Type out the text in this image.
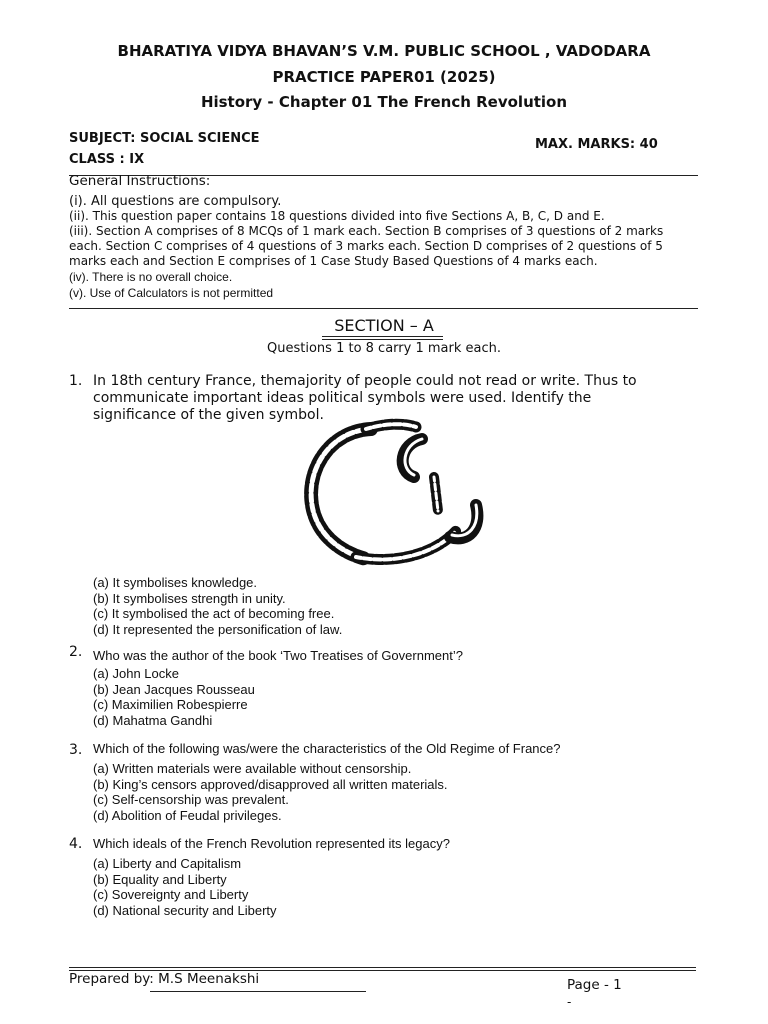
BHARATIYA VIDYA BHAVAN’S V.M. PUBLIC SCHOOL , VADODARA
PRACTICE PAPER01 (2025)
History - Chapter 01 The French Revolution
SUBJECT: SOCIAL SCIENCE	MAX. MARKS: 40
CLASS : IX
General Instructions:
(i). All questions are compulsory.
(ii). This question paper contains 18 questions divided into five Sections A, B, C, D and E.
(iii). Section A comprises of 8 MCQs of 1 mark each. Section B comprises of 3 questions of 2 marks
each. Section C comprises of 4 questions of 3 marks each. Section D comprises of 2 questions of 5
marks each and Section E comprises of 1 Case Study Based Questions of 4 marks each.
(iv). There is no overall choice.
(v). Use of Calculators is not permitted
SECTION – A
Questions 1 to 8 carry 1 mark each.
1. In 18th century France, themajority of people could not read or write. Thus to
communicate important ideas political symbols were used. Identify the
significance of the given symbol.
(a) It symbolises knowledge.
(b) It symbolises strength in unity.
(c) It symbolised the act of becoming free.
(d) It represented the personification of law.
2. Who was the author of the book ‘Two Treatises of Government’?
(a) John Locke
(b) Jean Jacques Rousseau
(c) Maximilien Robespierre
(d) Mahatma Gandhi
3. Which of the following was/were the characteristics of the Old Regime of France?
(a) Written materials were available without censorship.
(b) King’s censors approved/disapproved all written materials.
(c) Self-censorship was prevalent.
(d) Abolition of Feudal privileges.
4. Which ideals of the French Revolution represented its legacy?
(a) Liberty and Capitalism
(b) Equality and Liberty
(c) Sovereignty and Liberty
(d) National security and Liberty
Prepared by: M.S Meenakshi	Page - 1
-
